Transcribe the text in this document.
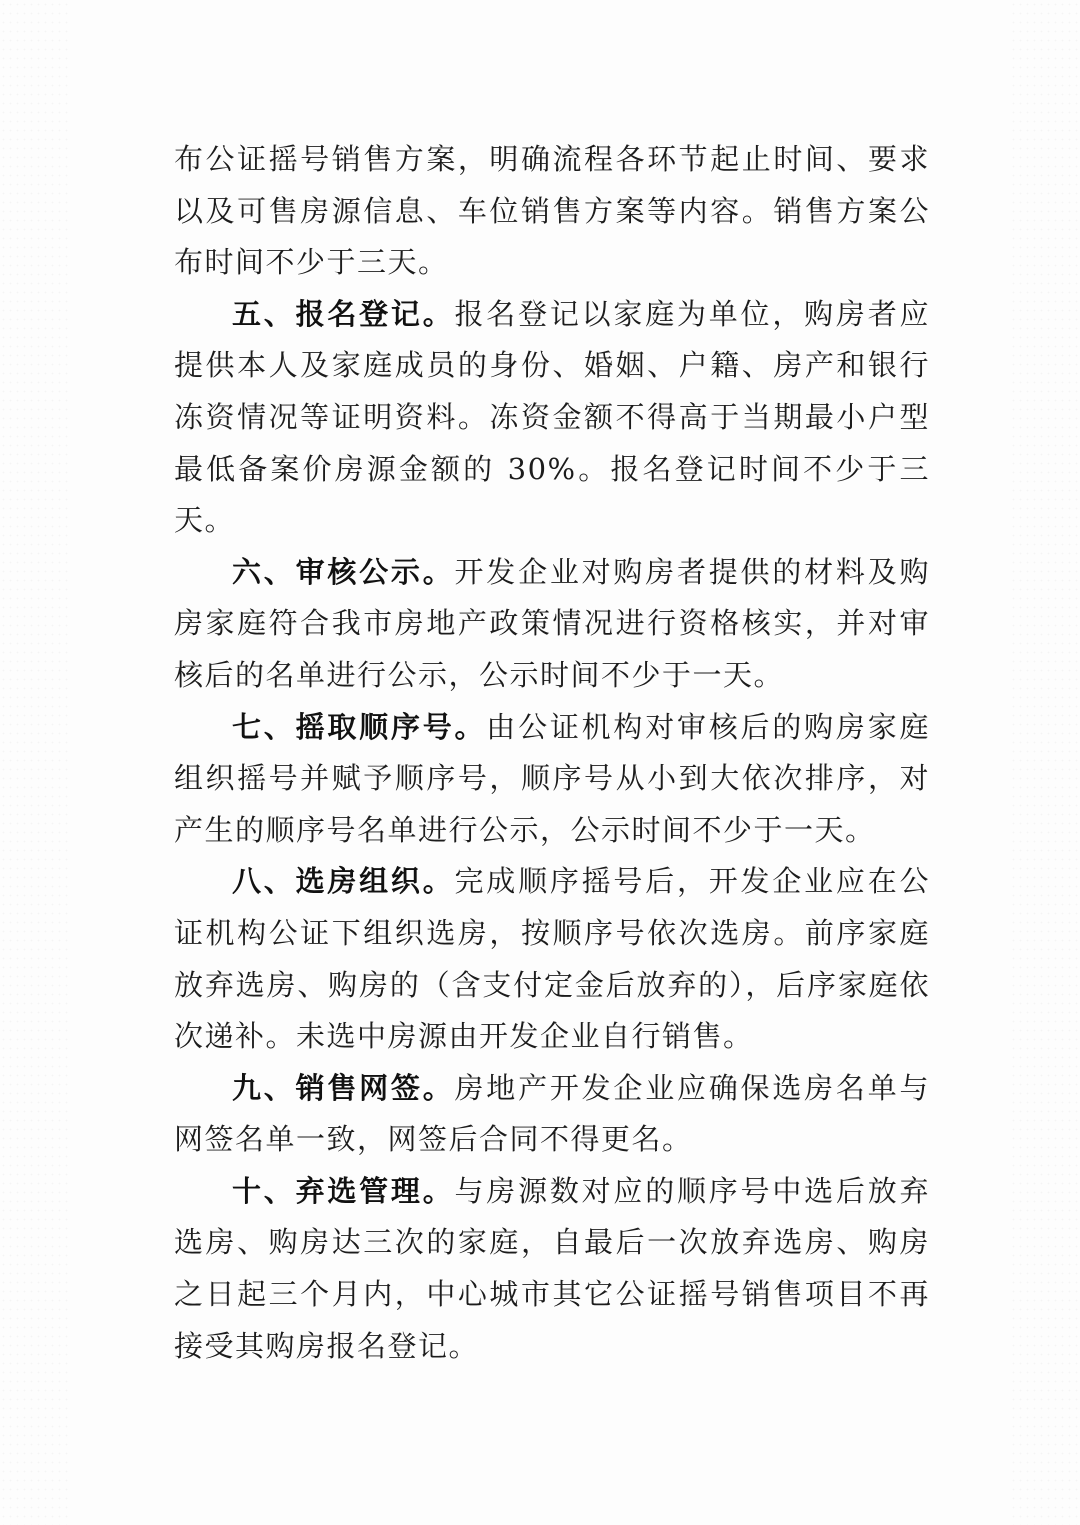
布公证摇号销售方案，明确流程各环节起止时间、要求以及可售房源信息、车位销售方案等内容。销售方案公布时间不少于三天。

五、报名登记。报名登记以家庭为单位，购房者应提供本人及家庭成员的身份、婚姻、户籍、房产和银行冻资情况等证明资料。冻资金额不得高于当期最小户型最低备案价房源金额的 30%。报名登记时间不少于三天。

六、审核公示。开发企业对购房者提供的材料及购房家庭符合我市房地产政策情况进行资格核实，并对审核后的名单进行公示，公示时间不少于一天。

七、摇取顺序号。由公证机构对审核后的购房家庭组织摇号并赋予顺序号，顺序号从小到大依次排序，对产生的顺序号名单进行公示，公示时间不少于一天。

八、选房组织。完成顺序摇号后，开发企业应在公证机构公证下组织选房，按顺序号依次选房。前序家庭放弃选房、购房的（含支付定金后放弃的），后序家庭依次递补。未选中房源由开发企业自行销售。

九、销售网签。房地产开发企业应确保选房名单与网签名单一致，网签后合同不得更名。

十、弃选管理。与房源数对应的顺序号中选后放弃选房、购房达三次的家庭，自最后一次放弃选房、购房之日起三个月内，中心城市其它公证摇号销售项目不再接受其购房报名登记。
